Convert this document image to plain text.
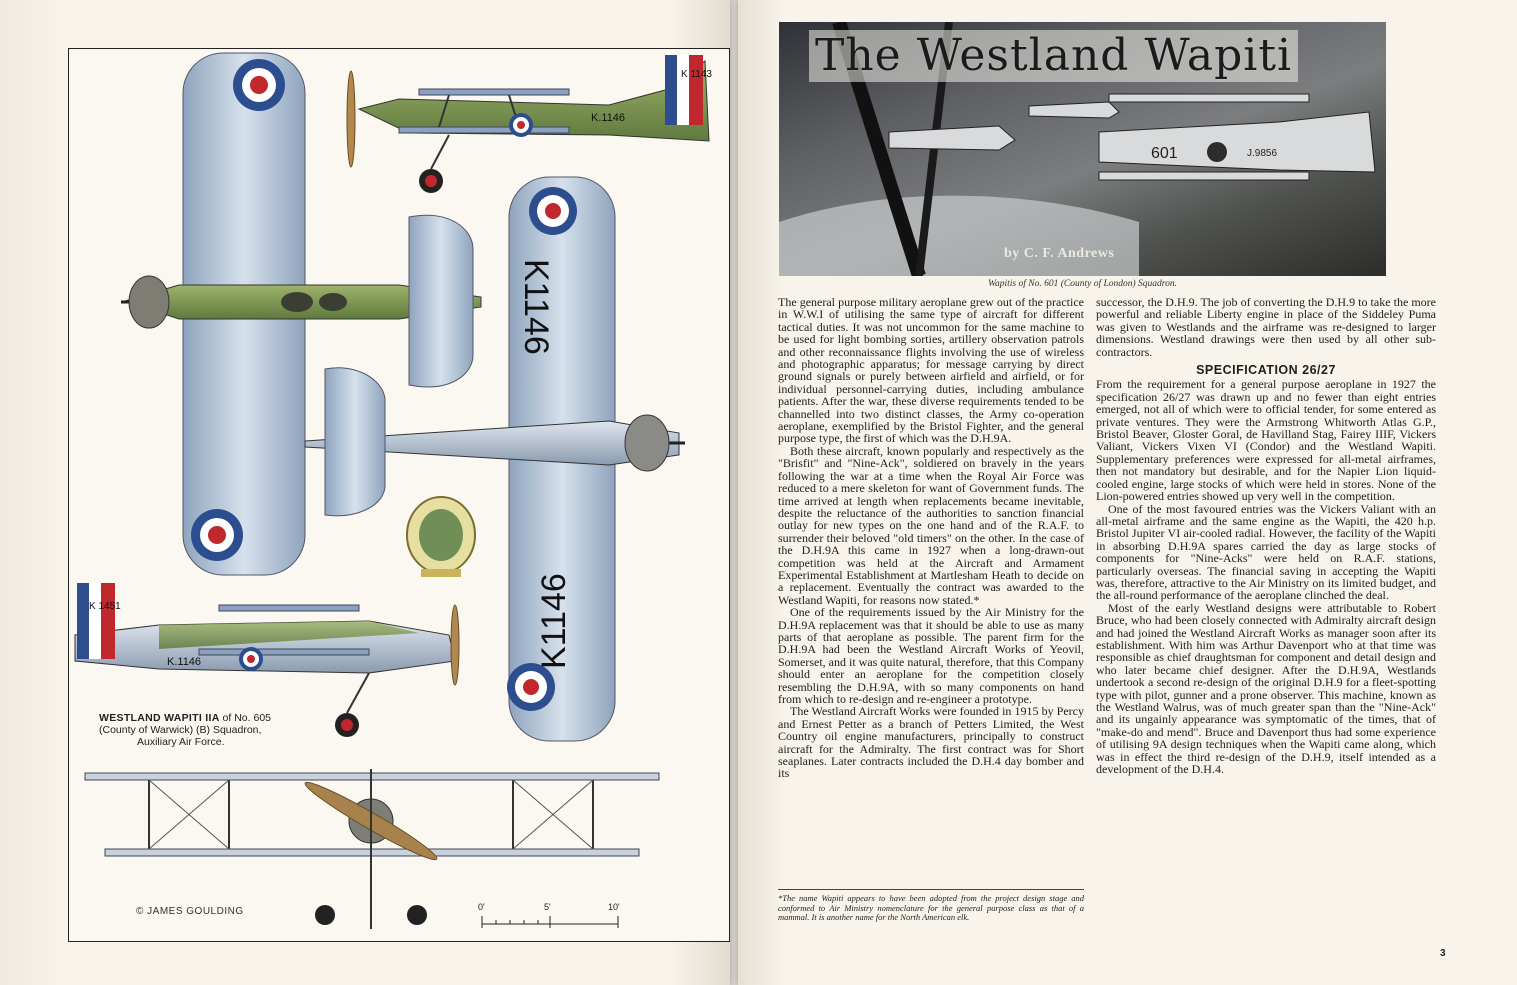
K 1143
K.1146
K1146
K1146
K 1451
K.1146
WESTLAND WAPITI IIA of No. 605
(County of Warwick) (B) Squadron,
Auxiliary Air Force.
© JAMES GOULDING	0'	5'	10'
601	J.9856
The Westland Wapiti
by C. F. Andrews
Wapitis of No. 601 (County of London) Squadron.

The general purpose military aeroplane grew out of the practice in W.W.I of utilising the same type of aircraft for different tactical duties. It was not uncommon for the same machine to be used for light bombing sorties, artillery observation patrols and other reconnaissance flights involving the use of wireless and photographic apparatus; for message carrying by direct ground signals or purely between airfield and airfield, or for individual personnel-carrying duties, including ambulance patients. After the war, these diverse requirements tended to be channelled into two distinct classes, the Army co-operation aeroplane, exemplified by the Bristol Fighter, and the general purpose type, the first of which was the D.H.9A.

Both these aircraft, known popularly and respectively as the "Brisfit" and "Nine-Ack", soldiered on bravely in the years following the war at a time when the Royal Air Force was reduced to a mere skeleton for want of Government funds. The time arrived at length when replacements became inevitable, despite the reluctance of the authorities to sanction financial outlay for new types on the one hand and of the R.A.F. to surrender their beloved "old timers" on the other. In the case of the D.H.9A this came in 1927 when a long-drawn-out competition was held at the Aircraft and Armament Experimental Establishment at Martlesham Heath to decide on a replacement. Eventually the contract was awarded to the Westland Wapiti, for reasons now stated.*

One of the requirements issued by the Air Ministry for the D.H.9A replacement was that it should be able to use as many parts of that aeroplane as possible. The parent firm for the D.H.9A had been the Westland Aircraft Works of Yeovil, Somerset, and it was quite natural, therefore, that this Company should enter an aeroplane for the competition closely resembling the D.H.9A, with so many components on hand from which to re-design and re-engineer a prototype.

The Westland Aircraft Works were founded in 1915 by Percy and Ernest Petter as a branch of Petters Limited, the West Country oil engine manufacturers, principally to construct aircraft for the Admiralty. The first contract was for Short seaplanes. Later contracts included the D.H.4 day bomber and its

*The name Wapiti appears to have been adopted from the project design stage and conformed to Air Ministry nomenclature for the general purpose class as that of a mammal. It is another name for the North American elk.

successor, the D.H.9. The job of converting the D.H.9 to take the more powerful and reliable Liberty engine in place of the Siddeley Puma was given to Westlands and the airframe was re-designed to larger dimensions. Westland drawings were then used by all other sub-contractors.

SPECIFICATION 26/27

From the requirement for a general purpose aeroplane in 1927 the specification 26/27 was drawn up and no fewer than eight entries emerged, not all of which were to official tender, for some entered as private ventures. They were the Armstrong Whitworth Atlas G.P., Bristol Beaver, Gloster Goral, de Havilland Stag, Fairey IIIF, Vickers Valiant, Vickers Vixen VI (Condor) and the Westland Wapiti. Supplementary preferences were expressed for all-metal airframes, then not mandatory but desirable, and for the Napier Lion liquid-cooled engine, large stocks of which were held in stores. None of the Lion-powered entries showed up very well in the competition.

One of the most favoured entries was the Vickers Valiant with an all-metal airframe and the same engine as the Wapiti, the 420 h.p. Bristol Jupiter VI air-cooled radial. However, the facility of the Wapiti in absorbing D.H.9A spares carried the day as large stocks of components for "Nine-Acks" were held on R.A.F. stations, particularly overseas. The financial saving in accepting the Wapiti was, therefore, attractive to the Air Ministry on its limited budget, and the all-round performance of the aeroplane clinched the deal.

Most of the early Westland designs were attributable to Robert Bruce, who had been closely connected with Admiralty aircraft design and had joined the Westland Aircraft Works as manager soon after its establishment. With him was Arthur Davenport who at that time was responsible as chief draughtsman for component and detail design and who later became chief designer. After the D.H.9A, Westlands undertook a second re-design of the original D.H.9 for a fleet-spotting type with pilot, gunner and a prone observer. This machine, known as the Westland Walrus, was of much greater span than the "Nine-Ack" and its ungainly appearance was symptomatic of the times, that of "make-do and mend". Bruce and Davenport thus had some experience of utilising 9A design techniques when the Wapiti came along, which was in effect the third re-design of the D.H.9, itself intended as a development of the D.H.4.

3
